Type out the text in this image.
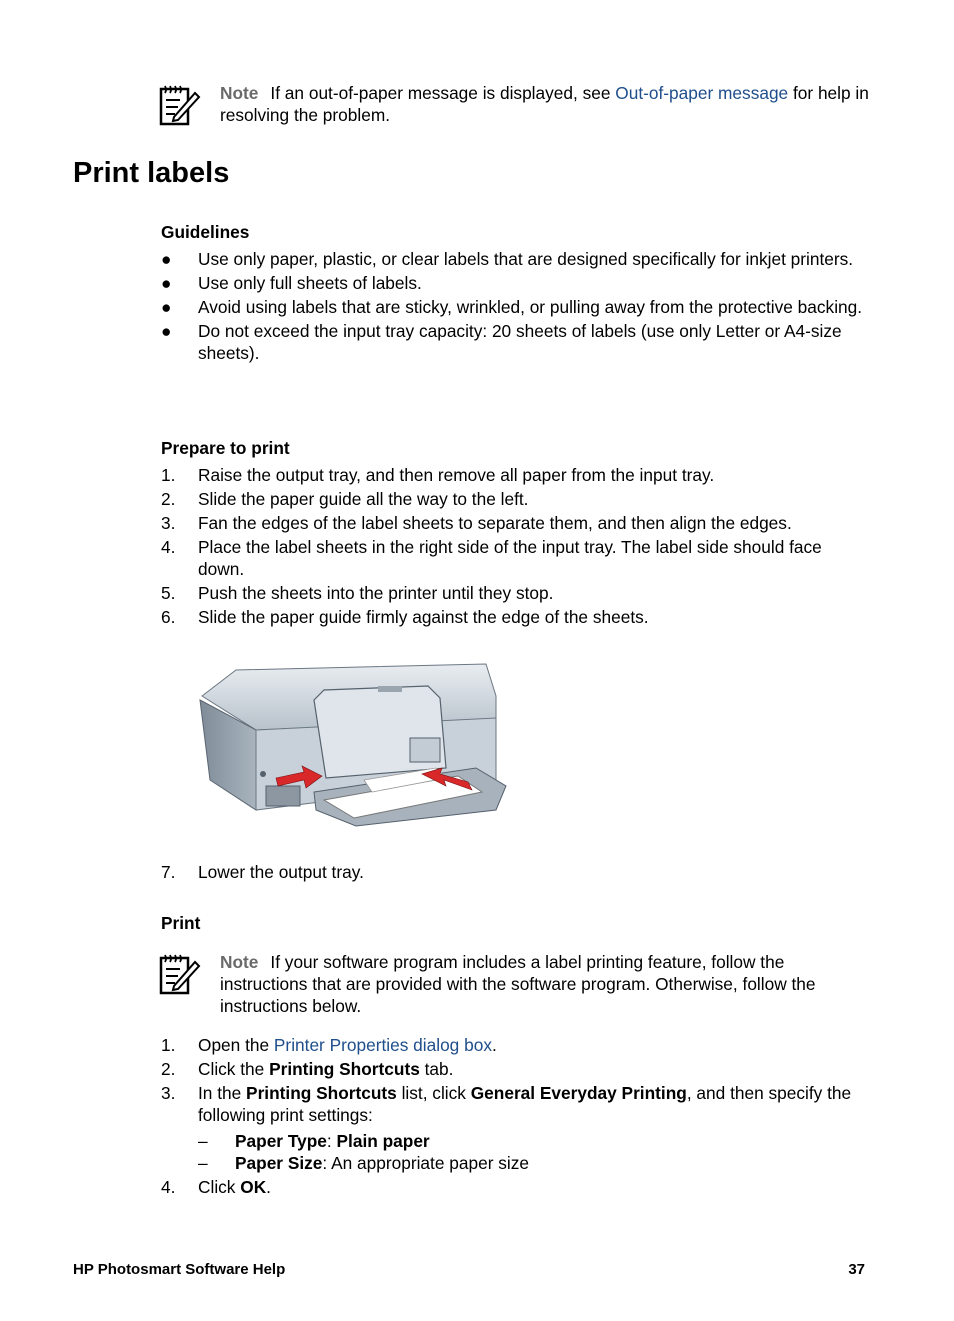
Note If an out-of-paper message is displayed, see Out-of-paper message for help in resolving the problem.
Print labels
Guidelines
●	Use only paper, plastic, or clear labels that are designed specifically for inkjet printers.
●	Use only full sheets of labels.
●	Avoid using labels that are sticky, wrinkled, or pulling away from the protective backing.
●	Do not exceed the input tray capacity: 20 sheets of labels (use only Letter or A4-size sheets).
Prepare to print
1.	Raise the output tray, and then remove all paper from the input tray.
2.	Slide the paper guide all the way to the left.
3.	Fan the edges of the label sheets to separate them, and then align the edges.
4.	Place the label sheets in the right side of the input tray. The label side should face down.
5.	Push the sheets into the printer until they stop.
6.	Slide the paper guide firmly against the edge of the sheets.
7.	Lower the output tray.
Print
Note If your software program includes a label printing feature, follow the instructions that are provided with the software program. Otherwise, follow the instructions below.
1.	Open the Printer Properties dialog box.
2.	Click the Printing Shortcuts tab.
3.	In the Printing Shortcuts list, click General Everyday Printing, and then specify the following print settings:
–	Paper Type: Plain paper
–	Paper Size: An appropriate paper size
4.	Click OK.
HP Photosmart Software Help	37
